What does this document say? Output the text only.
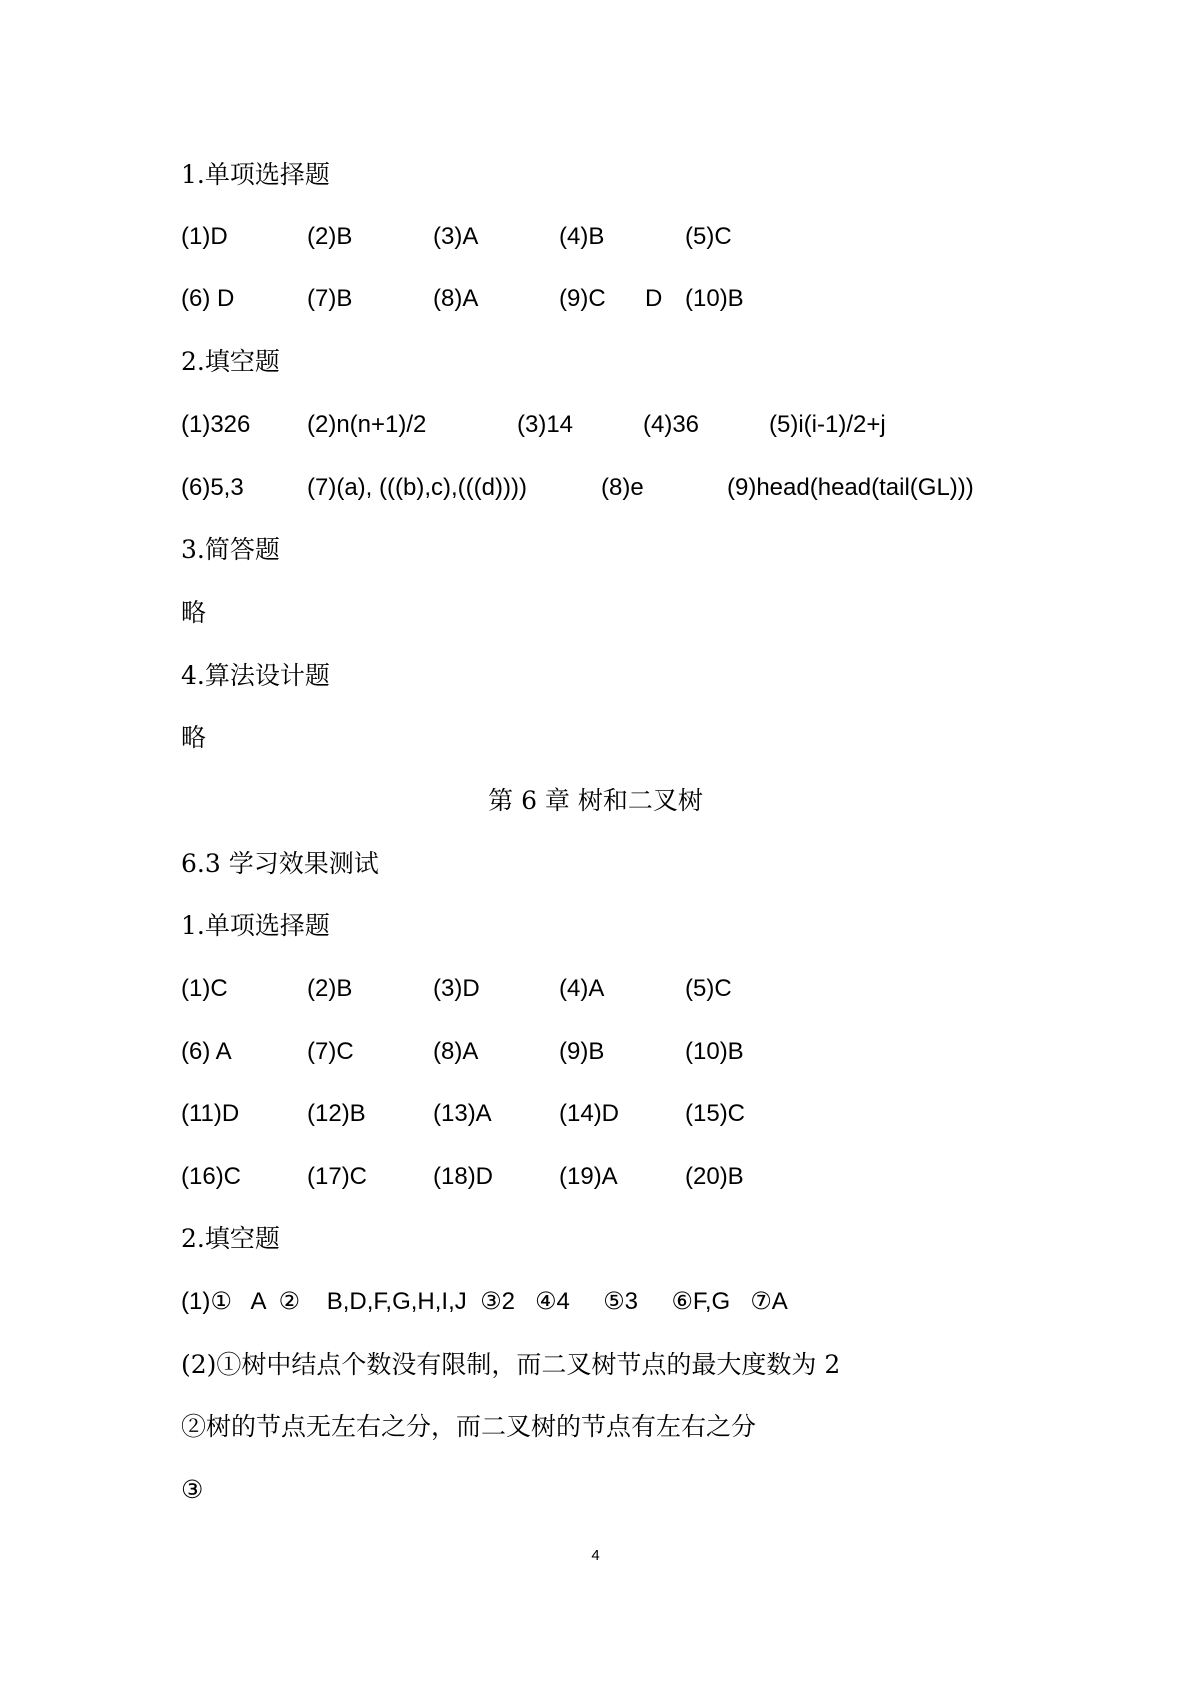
1.单项选择题
(1)D	(2)B	(3)A	(4)B	(5)C
(6) D	(7)B	(8)A	(9)C D (10)B
2.填空题
(1)326 (2)n(n+1)/2	(3)14	(4)36	(5)i(i-1)/2+j
(6)5,3	(7)(a), (((b),c),(((d))))	(8)e	(9)head(head(tail(GL)))
3.简答题
略
4.算法设计题
略
第 6 章 树和二叉树
6.3 学习效果测试
1.单项选择题
(1)C	(2)B	(3)D	(4)A	(5)C
(6) A	(7)C	(8)A	(9)B	(10)B
(11)D	(12)B	(13)A	(14)D	(15)C
(16)C	(17)C	(18)D	(19)A	(20)B
2.填空题
(1)①   A  ②    B,D,F,G,H,I,J  ③2   ④4     ⑤3     ⑥F,G   ⑦A
(2)①树中结点个数没有限制，而二叉树节点的最大度数为 2
②树的节点无左右之分，而二叉树的节点有左右之分
③
4
